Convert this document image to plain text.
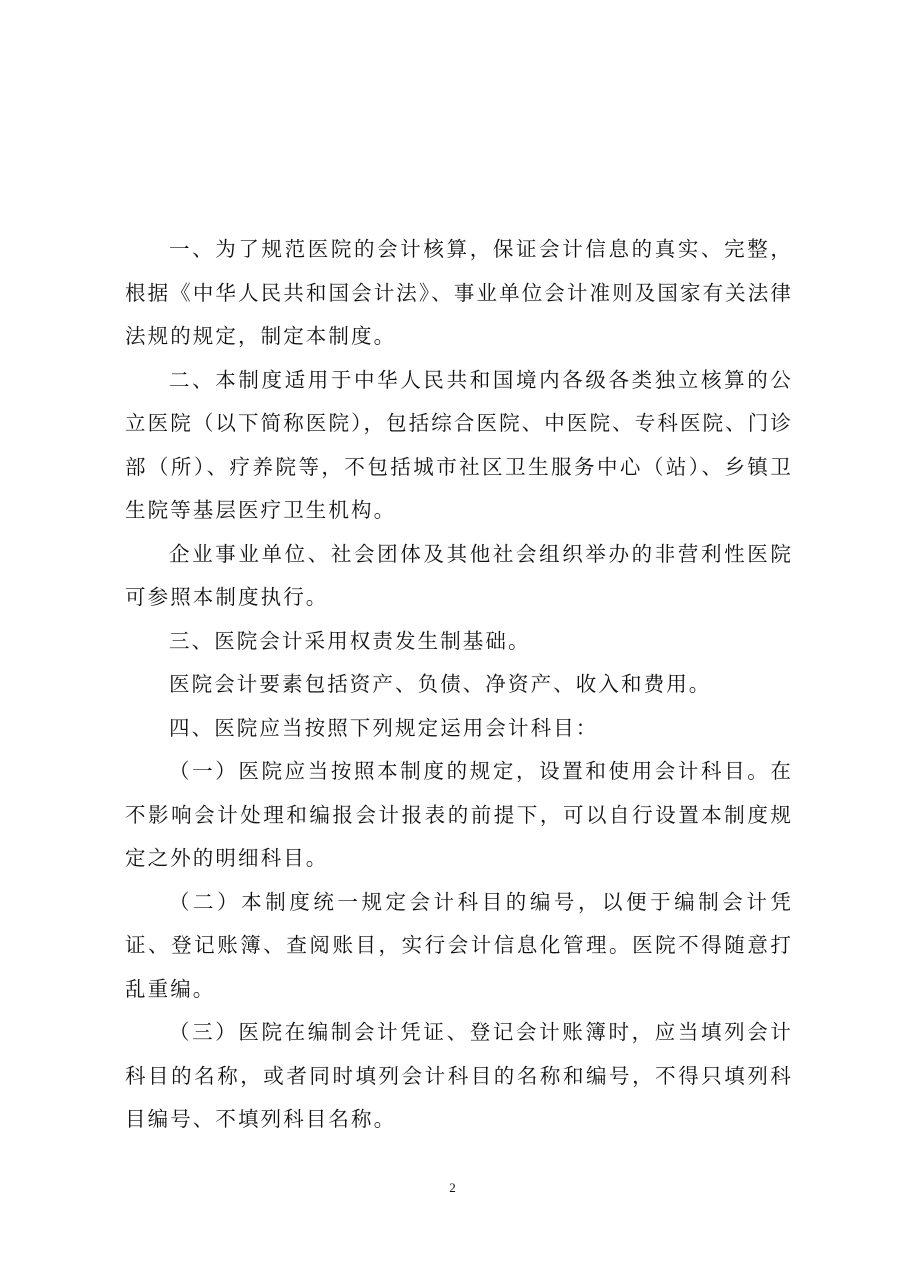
一、为了规范医院的会计核算，保证会计信息的真实、完整，根据《中华人民共和国会计法》、事业单位会计准则及国家有关法律法规的规定，制定本制度。

二、本制度适用于中华人民共和国境内各级各类独立核算的公立医院（以下简称医院），包括综合医院、中医院、专科医院、门诊部（所）、疗养院等，不包括城市社区卫生服务中心（站）、乡镇卫生院等基层医疗卫生机构。

企业事业单位、社会团体及其他社会组织举办的非营利性医院可参照本制度执行。

三、医院会计采用权责发生制基础。

医院会计要素包括资产、负债、净资产、收入和费用。

四、医院应当按照下列规定运用会计科目：

（一）医院应当按照本制度的规定，设置和使用会计科目。在不影响会计处理和编报会计报表的前提下，可以自行设置本制度规定之外的明细科目。

（二）本制度统一规定会计科目的编号，以便于编制会计凭证、登记账簿、查阅账目，实行会计信息化管理。医院不得随意打乱重编。

（三）医院在编制会计凭证、登记会计账簿时，应当填列会计科目的名称，或者同时填列会计科目的名称和编号，不得只填列科目编号、不填列科目名称。

2
